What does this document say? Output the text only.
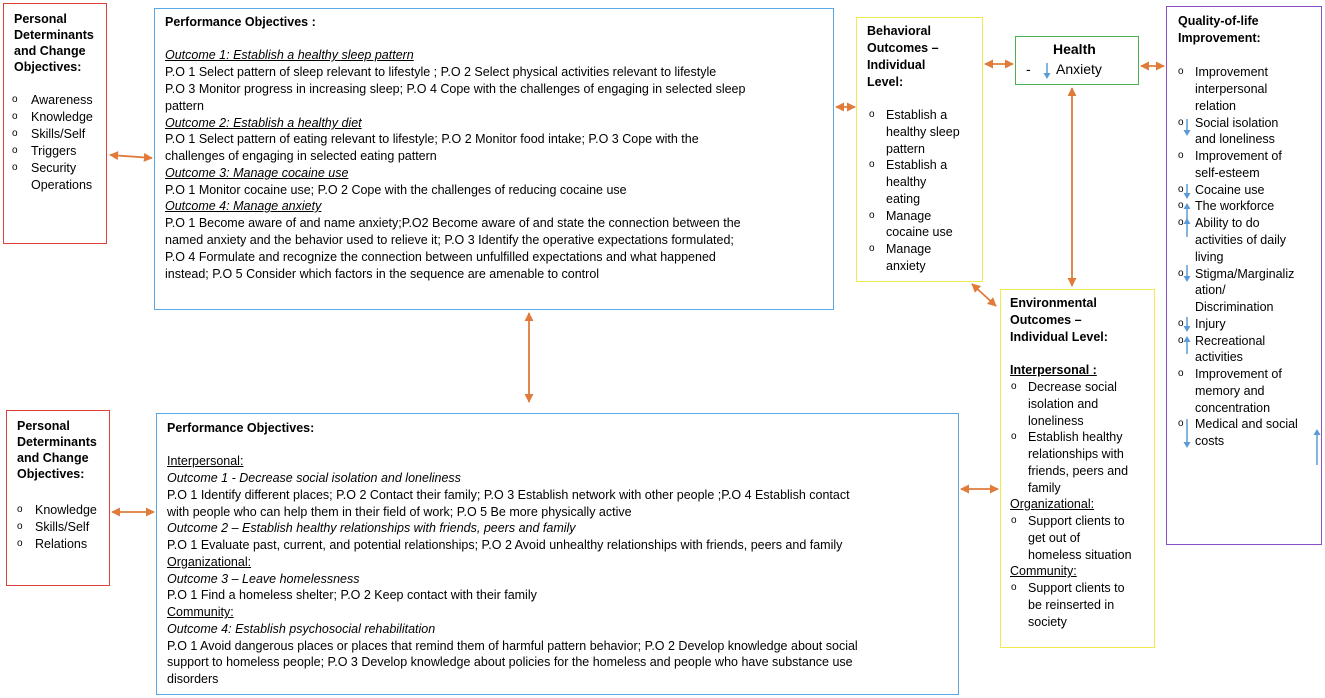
Personal
Determinants
and Change
Objectives:
o Awareness
o Knowledge
o Skills/Self
o Triggers
o Security
Operations
Performance Objectives :
Outcome 1: Establish a healthy sleep pattern
P.O 1 Select pattern of sleep relevant to lifestyle ; P.O 2 Select physical activities relevant to lifestyle
P.O 3 Monitor progress in increasing sleep; P.O 4 Cope with the challenges of engaging in selected sleep
pattern
Outcome 2: Establish a healthy diet
P.O 1 Select pattern of eating relevant to lifestyle; P.O 2 Monitor food intake; P.O 3 Cope with the
challenges of engaging in selected eating pattern
Outcome 3: Manage cocaine use
P.O 1 Monitor cocaine use; P.O 2 Cope with the challenges of reducing cocaine use
Outcome 4: Manage anxiety
P.O 1 Become aware of and name anxiety;P.O2 Become aware of and state the connection between the
named anxiety and the behavior used to relieve it; P.O 3 Identify the operative expectations formulated;
P.O 4 Formulate and recognize the connection between unfulfilled expectations and what happened
instead; P.O 5 Consider which factors in the sequence are amenable to control
Behavioral
Outcomes –
Individual
Level:
o Establish a
healthy sleep
pattern
o Establish a
healthy
eating
o Manage
cocaine use
o Manage
anxiety
Health
- Anxiety
Quality-of-life
Improvement:
o Improvement
interpersonal
relation
o Social isolation
and loneliness
o Improvement of
self-esteem
o Cocaine use
o The workforce
o Ability to do
activities of daily
living
o Stigma/Marginaliz
ation/
Discrimination
o Injury
o Recreational
activities
o Improvement of
memory and
concentration
o Medical and social
costs
Environmental
Outcomes –
Individual Level:
Interpersonal :
o Decrease social
isolation and
loneliness
o Establish healthy
relationships with
friends, peers and
family
Organizational:
o Support clients to
get out of
homeless situation
Community:
o Support clients to
be reinserted in
society
Personal
Determinants
and Change
Objectives:
o Knowledge
o Skills/Self
o Relations
Performance Objectives:
Interpersonal:
Outcome 1 - Decrease social isolation and loneliness
P.O 1 Identify different places; P.O 2 Contact their family; P.O 3 Establish network with other people ;P.O 4 Establish contact
with people who can help them in their field of work; P.O 5 Be more physically active
Outcome 2 – Establish healthy relationships with friends, peers and family
P.O 1 Evaluate past, current, and potential relationships; P.O 2 Avoid unhealthy relationships with friends, peers and family
Organizational:
Outcome 3 – Leave homelessness
P.O 1 Find a homeless shelter; P.O 2 Keep contact with their family
Community:
Outcome 4: Establish psychosocial rehabilitation
P.O 1 Avoid dangerous places or places that remind them of harmful pattern behavior; P.O 2 Develop knowledge about social
support to homeless people; P.O 3 Develop knowledge about policies for the homeless and people who have substance use
disorders
